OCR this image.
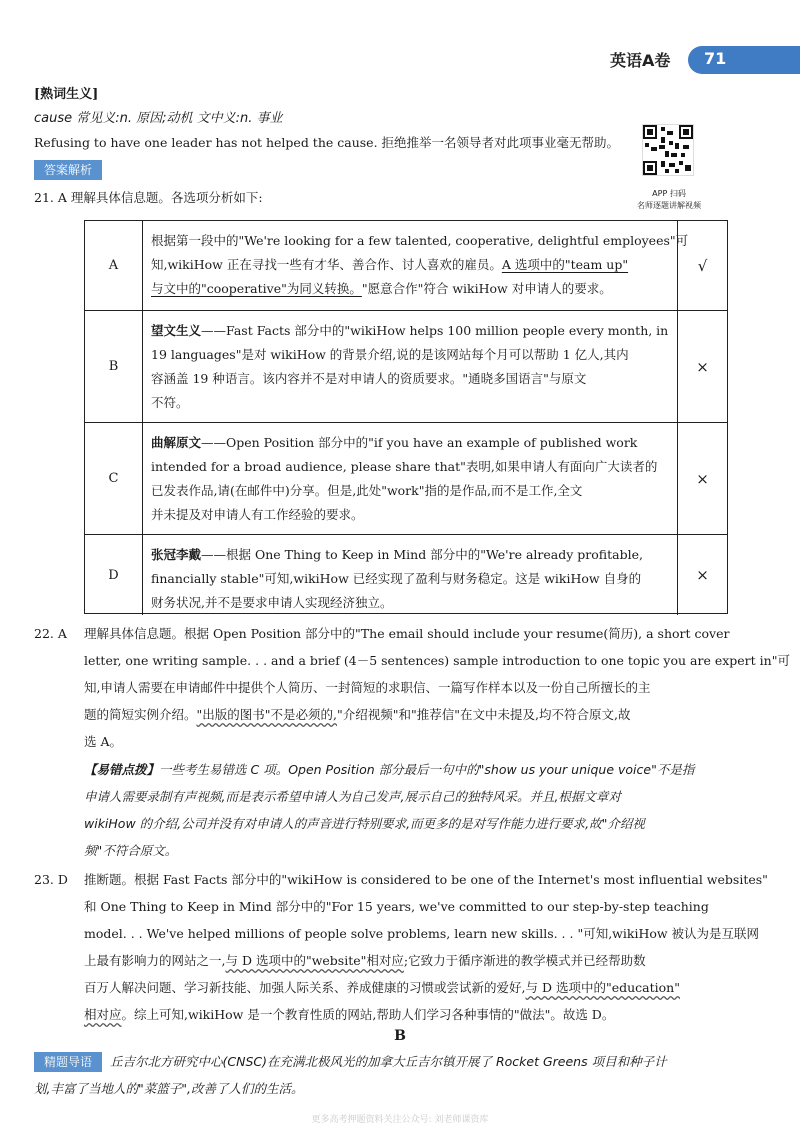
英语A卷 71
[熟词生义]
cause 常见义:n. 原因;动机 文中义:n. 事业
Refusing to have one leader has not helped the cause. 拒绝推举一名领导者对此项事业毫无帮助。
APP 扫码
名师逐题讲解视频
答案解析
21. A 理解具体信息题。各选项分析如下:
A
根据第一段中的"We're looking for a few talented, cooperative, delightful employees"可
知,wikiHow 正在寻找一些有才华、善合作、讨人喜欢的雇员。A 选项中的"team up"
与文中的"cooperative"为同义转换。"愿意合作"符合 wikiHow 对申请人的要求。
√
B
望文生义——Fast Facts 部分中的"wikiHow helps 100 million people every month, in
19 languages"是对 wikiHow 的背景介绍,说的是该网站每个月可以帮助 1 亿人,其内
容涵盖 19 种语言。该内容并不是对申请人的资质要求。"通晓多国语言"与原文
不符。
×
C
曲解原文——Open Position 部分中的"if you have an example of published work
intended for a broad audience, please share that"表明,如果申请人有面向广大读者的
已发表作品,请(在邮件中)分享。但是,此处"work"指的是作品,而不是工作,全文
并未提及对申请人有工作经验的要求。
×
D
张冠李戴——根据 One Thing to Keep in Mind 部分中的"We're already profitable,
financially stable"可知,wikiHow 已经实现了盈利与财务稳定。这是 wikiHow 自身的
财务状况,并不是要求申请人实现经济独立。
×
22. A 理解具体信息题。根据 Open Position 部分中的"The email should include your resume(简历), a short cover
letter, one writing sample. . . and a brief (4－5 sentences) sample introduction to one topic you are expert in"可
知,申请人需要在申请邮件中提供个人简历、一封简短的求职信、一篇写作样本以及一份自己所擅长的主
题的简短实例介绍。"出版的图书"不是必须的,"介绍视频"和"推荐信"在文中未提及,均不符合原文,故
选 A。
【易错点拨】一些考生易错选 C 项。Open Position 部分最后一句中的"show us your unique voice"不是指
申请人需要录制有声视频,而是表示希望申请人为自己发声,展示自己的独特风采。并且,根据文章对
wikiHow 的介绍,公司并没有对申请人的声音进行特别要求,而更多的是对写作能力进行要求,故"介绍视
频"不符合原文。
23. D 推断题。根据 Fast Facts 部分中的"wikiHow is considered to be one of the Internet's most influential websites"
和 One Thing to Keep in Mind 部分中的"For 15 years, we've committed to our step-by-step teaching
model. . . We've helped millions of people solve problems, learn new skills. . . "可知,wikiHow 被认为是互联网
上最有影响力的网站之一,与 D 选项中的"website"相对应;它致力于循序渐进的教学模式并已经帮助数
百万人解决问题、学习新技能、加强人际关系、养成健康的习惯或尝试新的爱好,与 D 选项中的"education"
相对应。综上可知,wikiHow 是一个教育性质的网站,帮助人们学习各种事情的"做法"。故选 D。
B
精题导语	丘吉尔北方研究中心(CNSC)在充满北极风光的加拿大丘吉尔镇开展了 Rocket Greens 项目和种子计
划,丰富了当地人的"菜篮子",改善了人们的生活。
更多高考押题资料关注公众号: 刘老师课资库
